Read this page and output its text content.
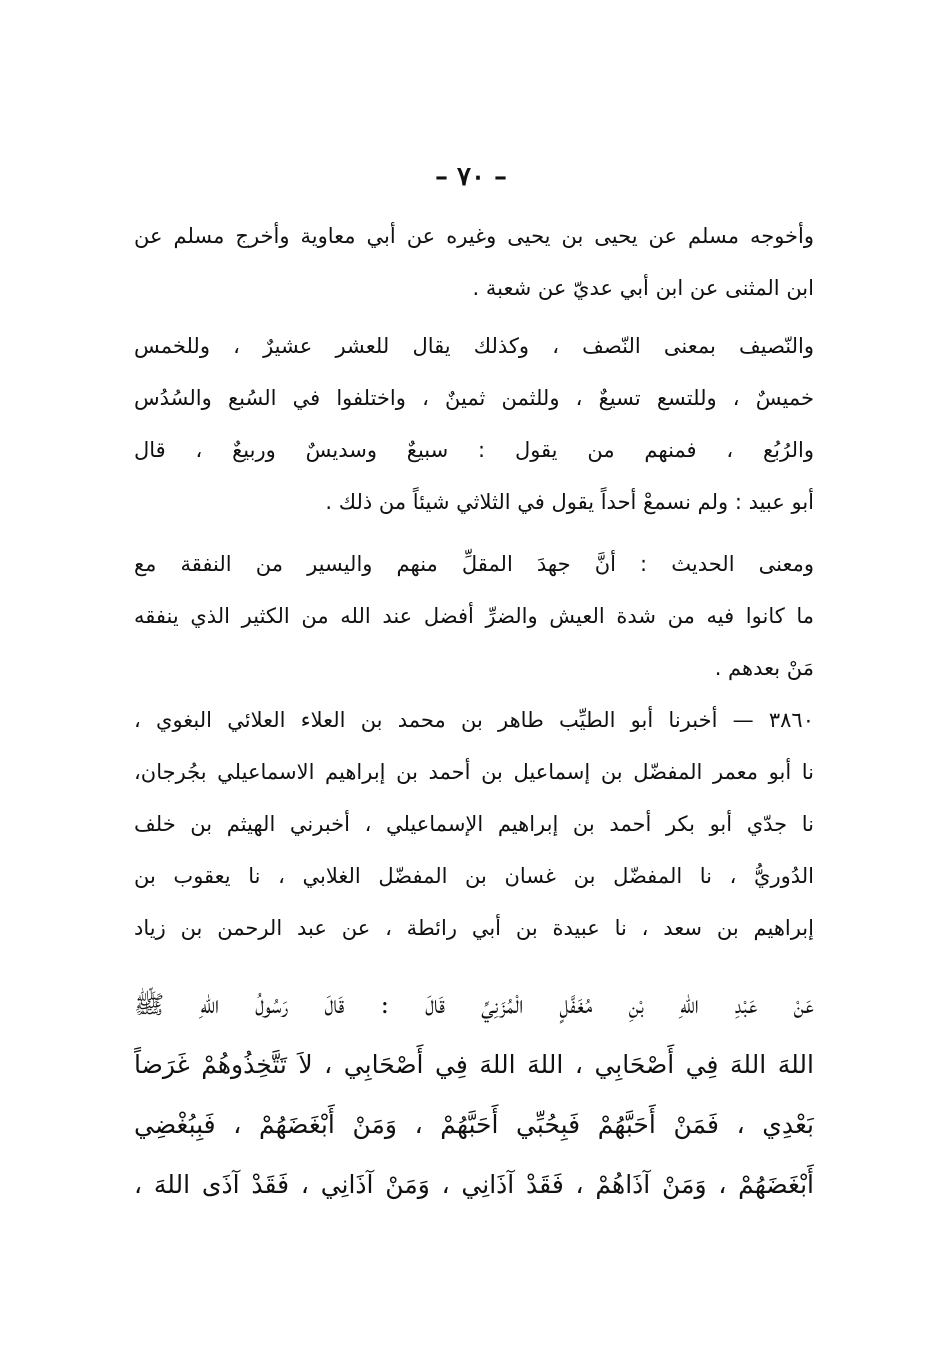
– ٧٠ –
وأخوجه مسلم عن يحيى بن يحيى وغيره عن أبي معاوية وأخرج مسلم عن
ابن المثنى عن ابن أبي عديّ عن شعبة .
والنّصيف بمعنى النّصف ، وكذلك يقال للعشر عشيرٌ ، وللخمس
خميسٌ ، وللتسع تسيعٌ ، وللثمن ثمينٌ ، واختلفوا في السُبع والسُدُس
والرُبُع ، فمنهم من يقول : سبيعٌ وسديسٌ وربيعٌ ، قال
أبو عبيد : ولم نسمعْ أحداً يقول في الثلاثي شيئاً من ذلك .
ومعنى الحديث : أنَّ جهدَ المقلِّ منهم واليسير من النفقة مع
ما كانوا فيه من شدة العيش والضرِّ أفضل عند الله من الكثير الذي ينفقه
مَنْ بعدهم .
٣٨٦٠ — أخبرنا أبو الطيِّب طاهر بن محمد بن العلاء العلائي البغوي ،
نا أبو معمر المفضّل بن إسماعيل بن أحمد بن إبراهيم الاسماعيلي بجُرجان،
نا جدّي أبو بكر أحمد بن إبراهيم الإسماعيلي ، أخبرني الهيثم بن خلف
الدُوريُّ ، نا المفضّل بن غسان بن المفضّل الغلابي ، نا يعقوب بن
إبراهيم بن سعد ، نا عبيدة بن أبي رائطة ، عن عبد الرحمن بن زياد
عَنْ عَبْدِ اللهِ بْنِ مُغَفَّلٍ الْمُزَنِيِّ قَالَ : قَالَ رَسُولُ اللهِ ﷺ
اللهَ اللهَ فِي أَصْحَابِي ، اللهَ اللهَ فِي أَصْحَابِي ، لاَ تَتَّخِذُوهُمْ غَرَضاً
بَعْدِي ، فَمَنْ أَحَبَّهُمْ فَبِحُبِّي أَحَبَّهُمْ ، وَمَنْ أَبْغَضَهُمْ ، فَبِبُغْضِي
أَبْغَضَهُمْ ، وَمَنْ آذَاهُمْ ، فَقَدْ آذَانِي ، وَمَنْ آذَانِي ، فَقَدْ آذَى اللهَ ،
